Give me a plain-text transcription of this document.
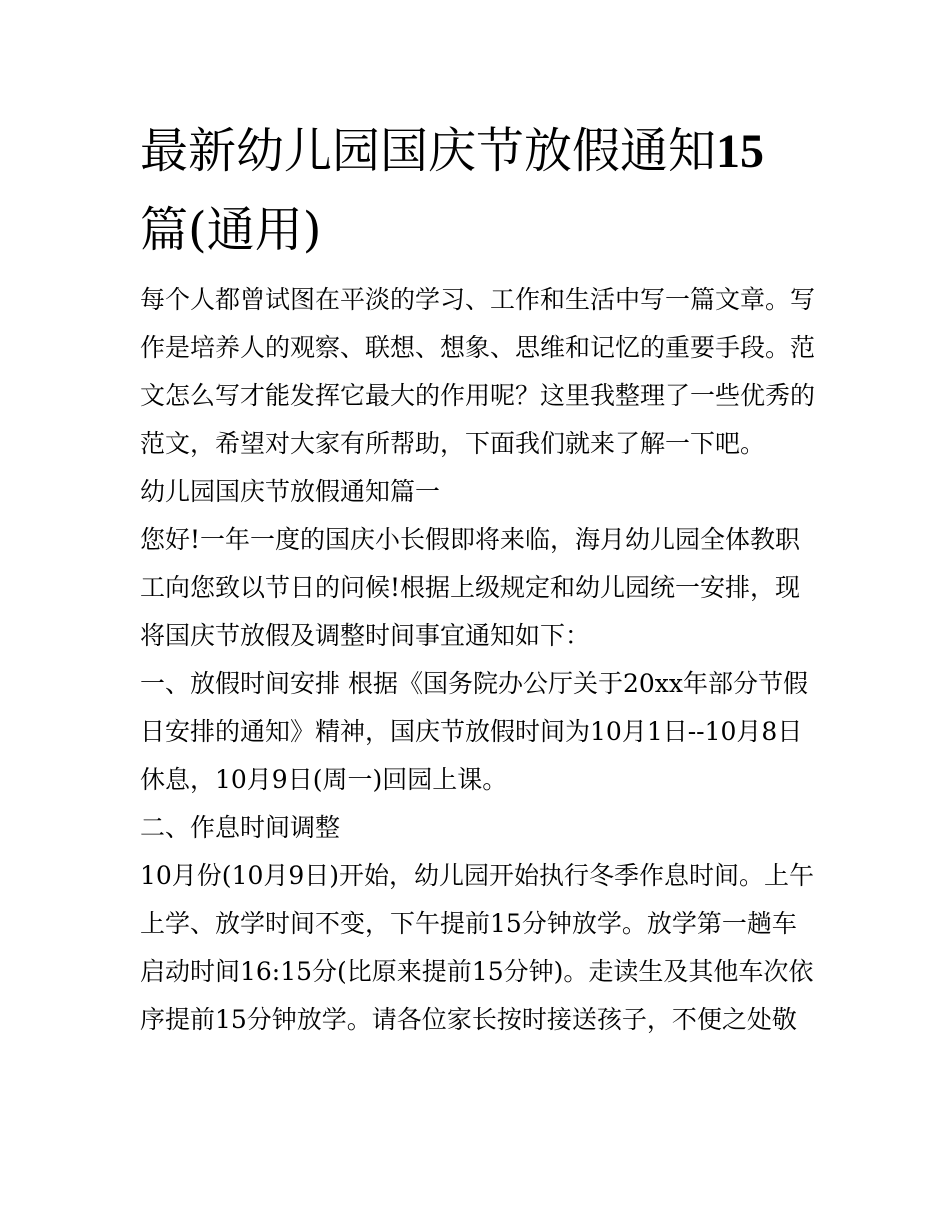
最新幼儿园国庆节放假通知15
篇(通用)
每个人都曾试图在平淡的学习、工作和生活中写一篇文章。写
作是培养人的观察、联想、想象、思维和记忆的重要手段。范
文怎么写才能发挥它最大的作用呢？这里我整理了一些优秀的
范文，希望对大家有所帮助，下面我们就来了解一下吧。
幼儿园国庆节放假通知篇一
您好!一年一度的国庆小长假即将来临，海月幼儿园全体教职
工向您致以节日的问候!根据上级规定和幼儿园统一安排，现
将国庆节放假及调整时间事宜通知如下：
一、放假时间安排 根据《国务院办公厅关于20xx年部分节假
日安排的通知》精神，国庆节放假时间为10月1日--10月8日
休息，10月9日(周一)回园上课。
二、作息时间调整
10月份(10月9日)开始，幼儿园开始执行冬季作息时间。上午
上学、放学时间不变，下午提前15分钟放学。放学第一趟车
启动时间16:15分(比原来提前15分钟)。走读生及其他车次依
序提前15分钟放学。请各位家长按时接送孩子，不便之处敬
